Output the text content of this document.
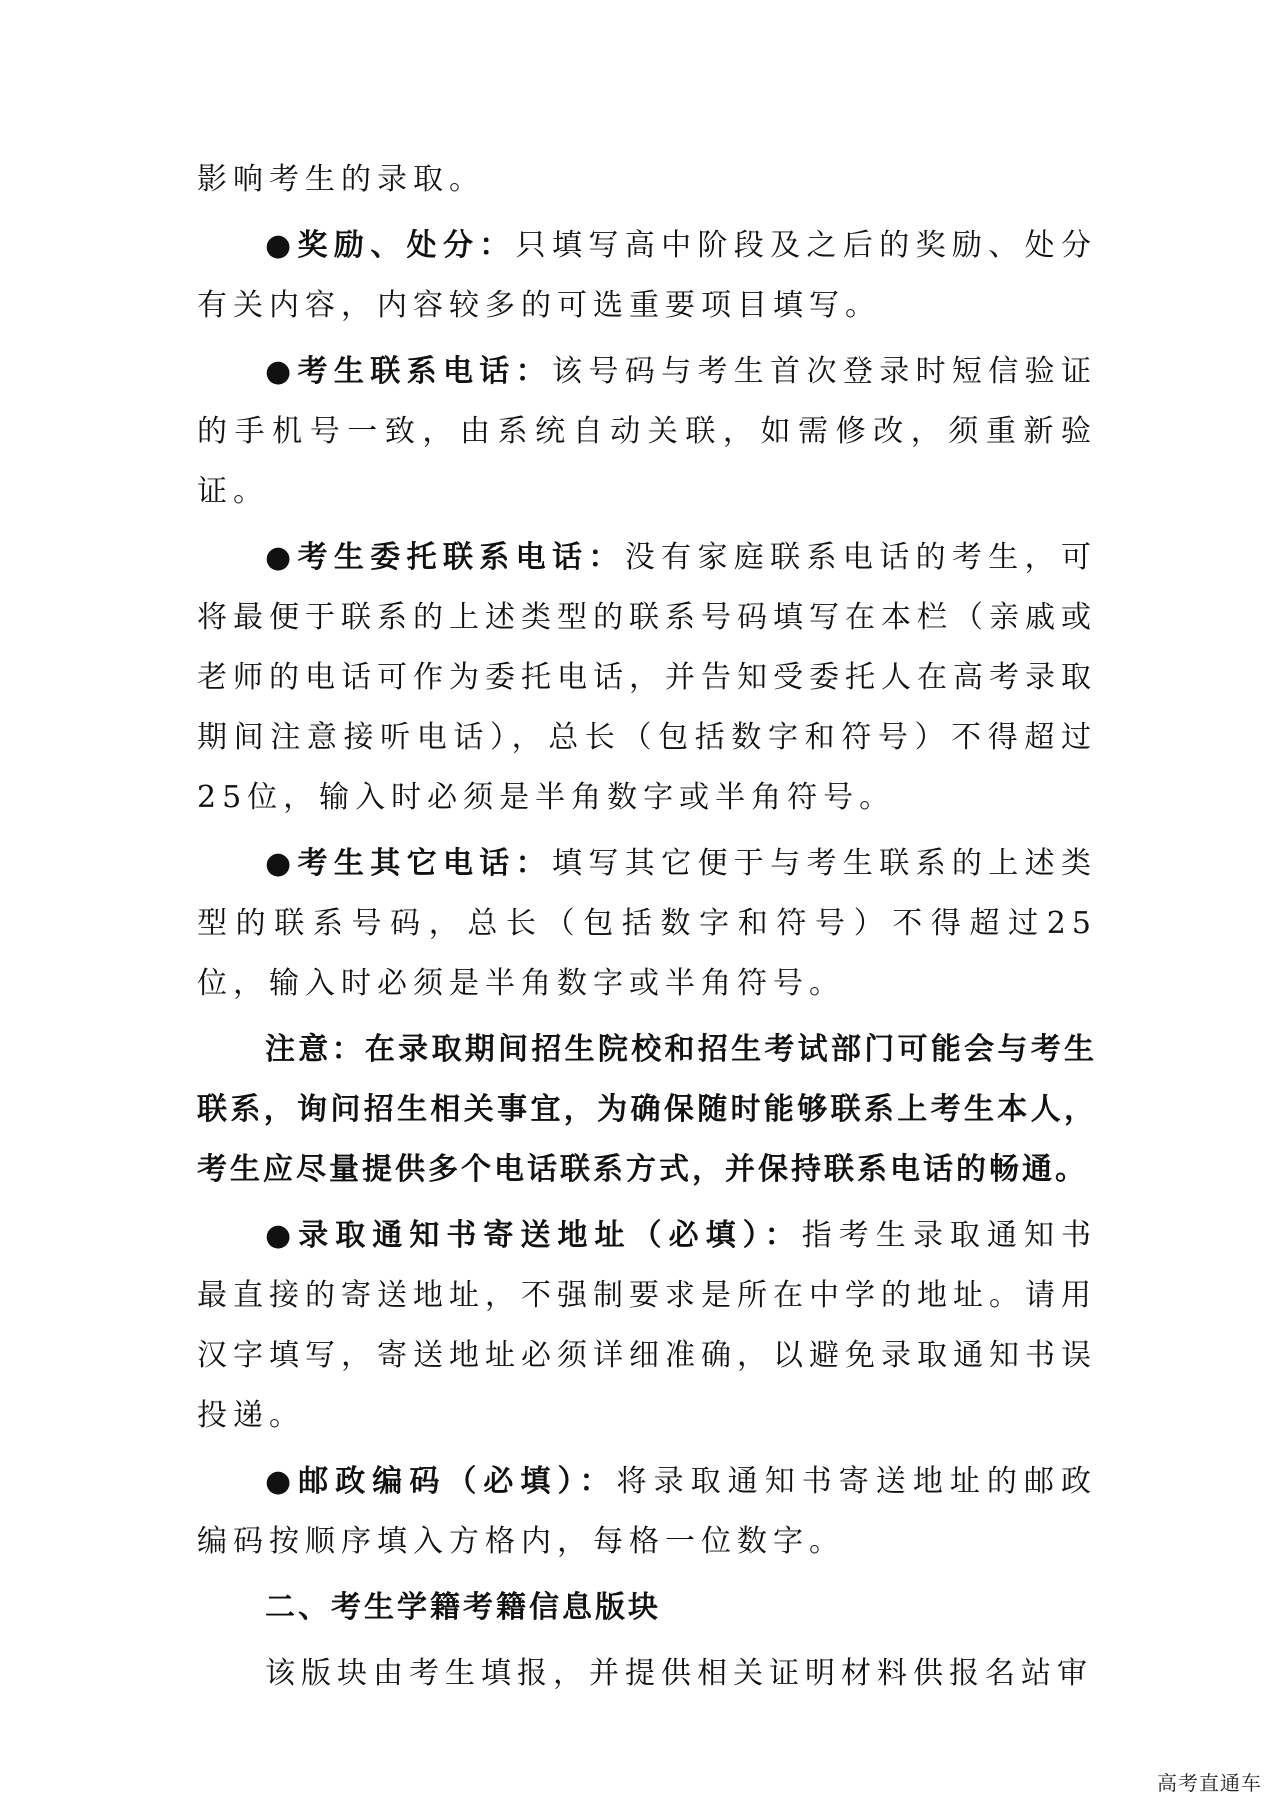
影响考生的录取。

●奖励、处分：只填写高中阶段及之后的奖励、处分有关内容，内容较多的可选重要项目填写。

●考生联系电话：该号码与考生首次登录时短信验证的手机号一致，由系统自动关联，如需修改，须重新验证。

●考生委托联系电话：没有家庭联系电话的考生，可将最便于联系的上述类型的联系号码填写在本栏（亲戚或老师的电话可作为委托电话，并告知受委托人在高考录取期间注意接听电话），总长（包括数字和符号）不得超过25位，输入时必须是半角数字或半角符号。

●考生其它电话：填写其它便于与考生联系的上述类型的联系号码，总长（包括数字和符号）不得超过25位，输入时必须是半角数字或半角符号。

注意：在录取期间招生院校和招生考试部门可能会与考生联系，询问招生相关事宜，为确保随时能够联系上考生本人，考生应尽量提供多个电话联系方式，并保持联系电话的畅通。

●录取通知书寄送地址（必填）：指考生录取通知书最直接的寄送地址，不强制要求是所在中学的地址。请用汉字填写，寄送地址必须详细准确，以避免录取通知书误投递。

●邮政编码（必填）：将录取通知书寄送地址的邮政编码按顺序填入方格内，每格一位数字。

二、考生学籍考籍信息版块

该版块由考生填报，并提供相关证明材料供报名站审

高考直通车
